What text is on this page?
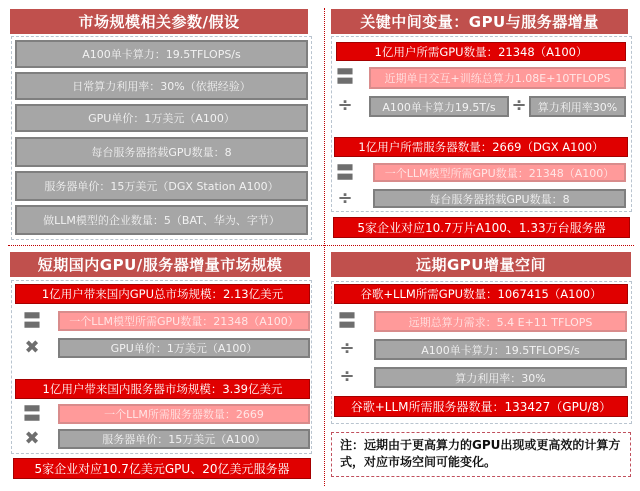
市场规模相关参数/假设
A100单卡算力：19.5TFLOPS/s
日常算力利用率：30%（依据经验）
GPU单价：1万美元（A100）
每台服务器搭载GPU数量：8
服务器单价：15万美元（DGX Station A100）
做LLM模型的企业数量：5（BAT、华为、字节）
关键中间变量：GPU与服务器增量
1亿用户所需GPU数量：21348（A100）
〓	近期单日交互+训练总算力1.08E+10TFLOPS
÷	A100单卡算力19.5T/s ÷	算力利用率30%
1亿用户所需服务器数量：2669（DGX A100）
〓	一个LLM模型所需GPU数量：21348（A100）
÷	每台服务器搭载GPU数量：8
5家企业对应10.7万片A100、1.33万台服务器
短期国内GPU/服务器增量市场规模
1亿用户带来国内GPU总市场规模：2.13亿美元
〓	一个LLM模型所需GPU数量：21348（A100）
✖	GPU单价：1万美元（A100）
1亿用户带来国内服务器市场规模：3.39亿美元
〓	一个LLM所需服务器数量：2669
✖	服务器单价：15万美元（A100）
5家企业对应10.7亿美元GPU、20亿美元服务器
远期GPU增量空间
谷歌+LLM所需GPU数量：1067415（A100）
〓	远期总算力需求：5.4 E+11 TFLOPS
÷	A100单卡算力：19.5TFLOPS/s
÷	算力利用率：30%
谷歌+LLM所需服务器数量：133427（GPU/8）
注：远期由于更高算力的GPU出现或更高效的计算方式，对应市场空间可能变化。
